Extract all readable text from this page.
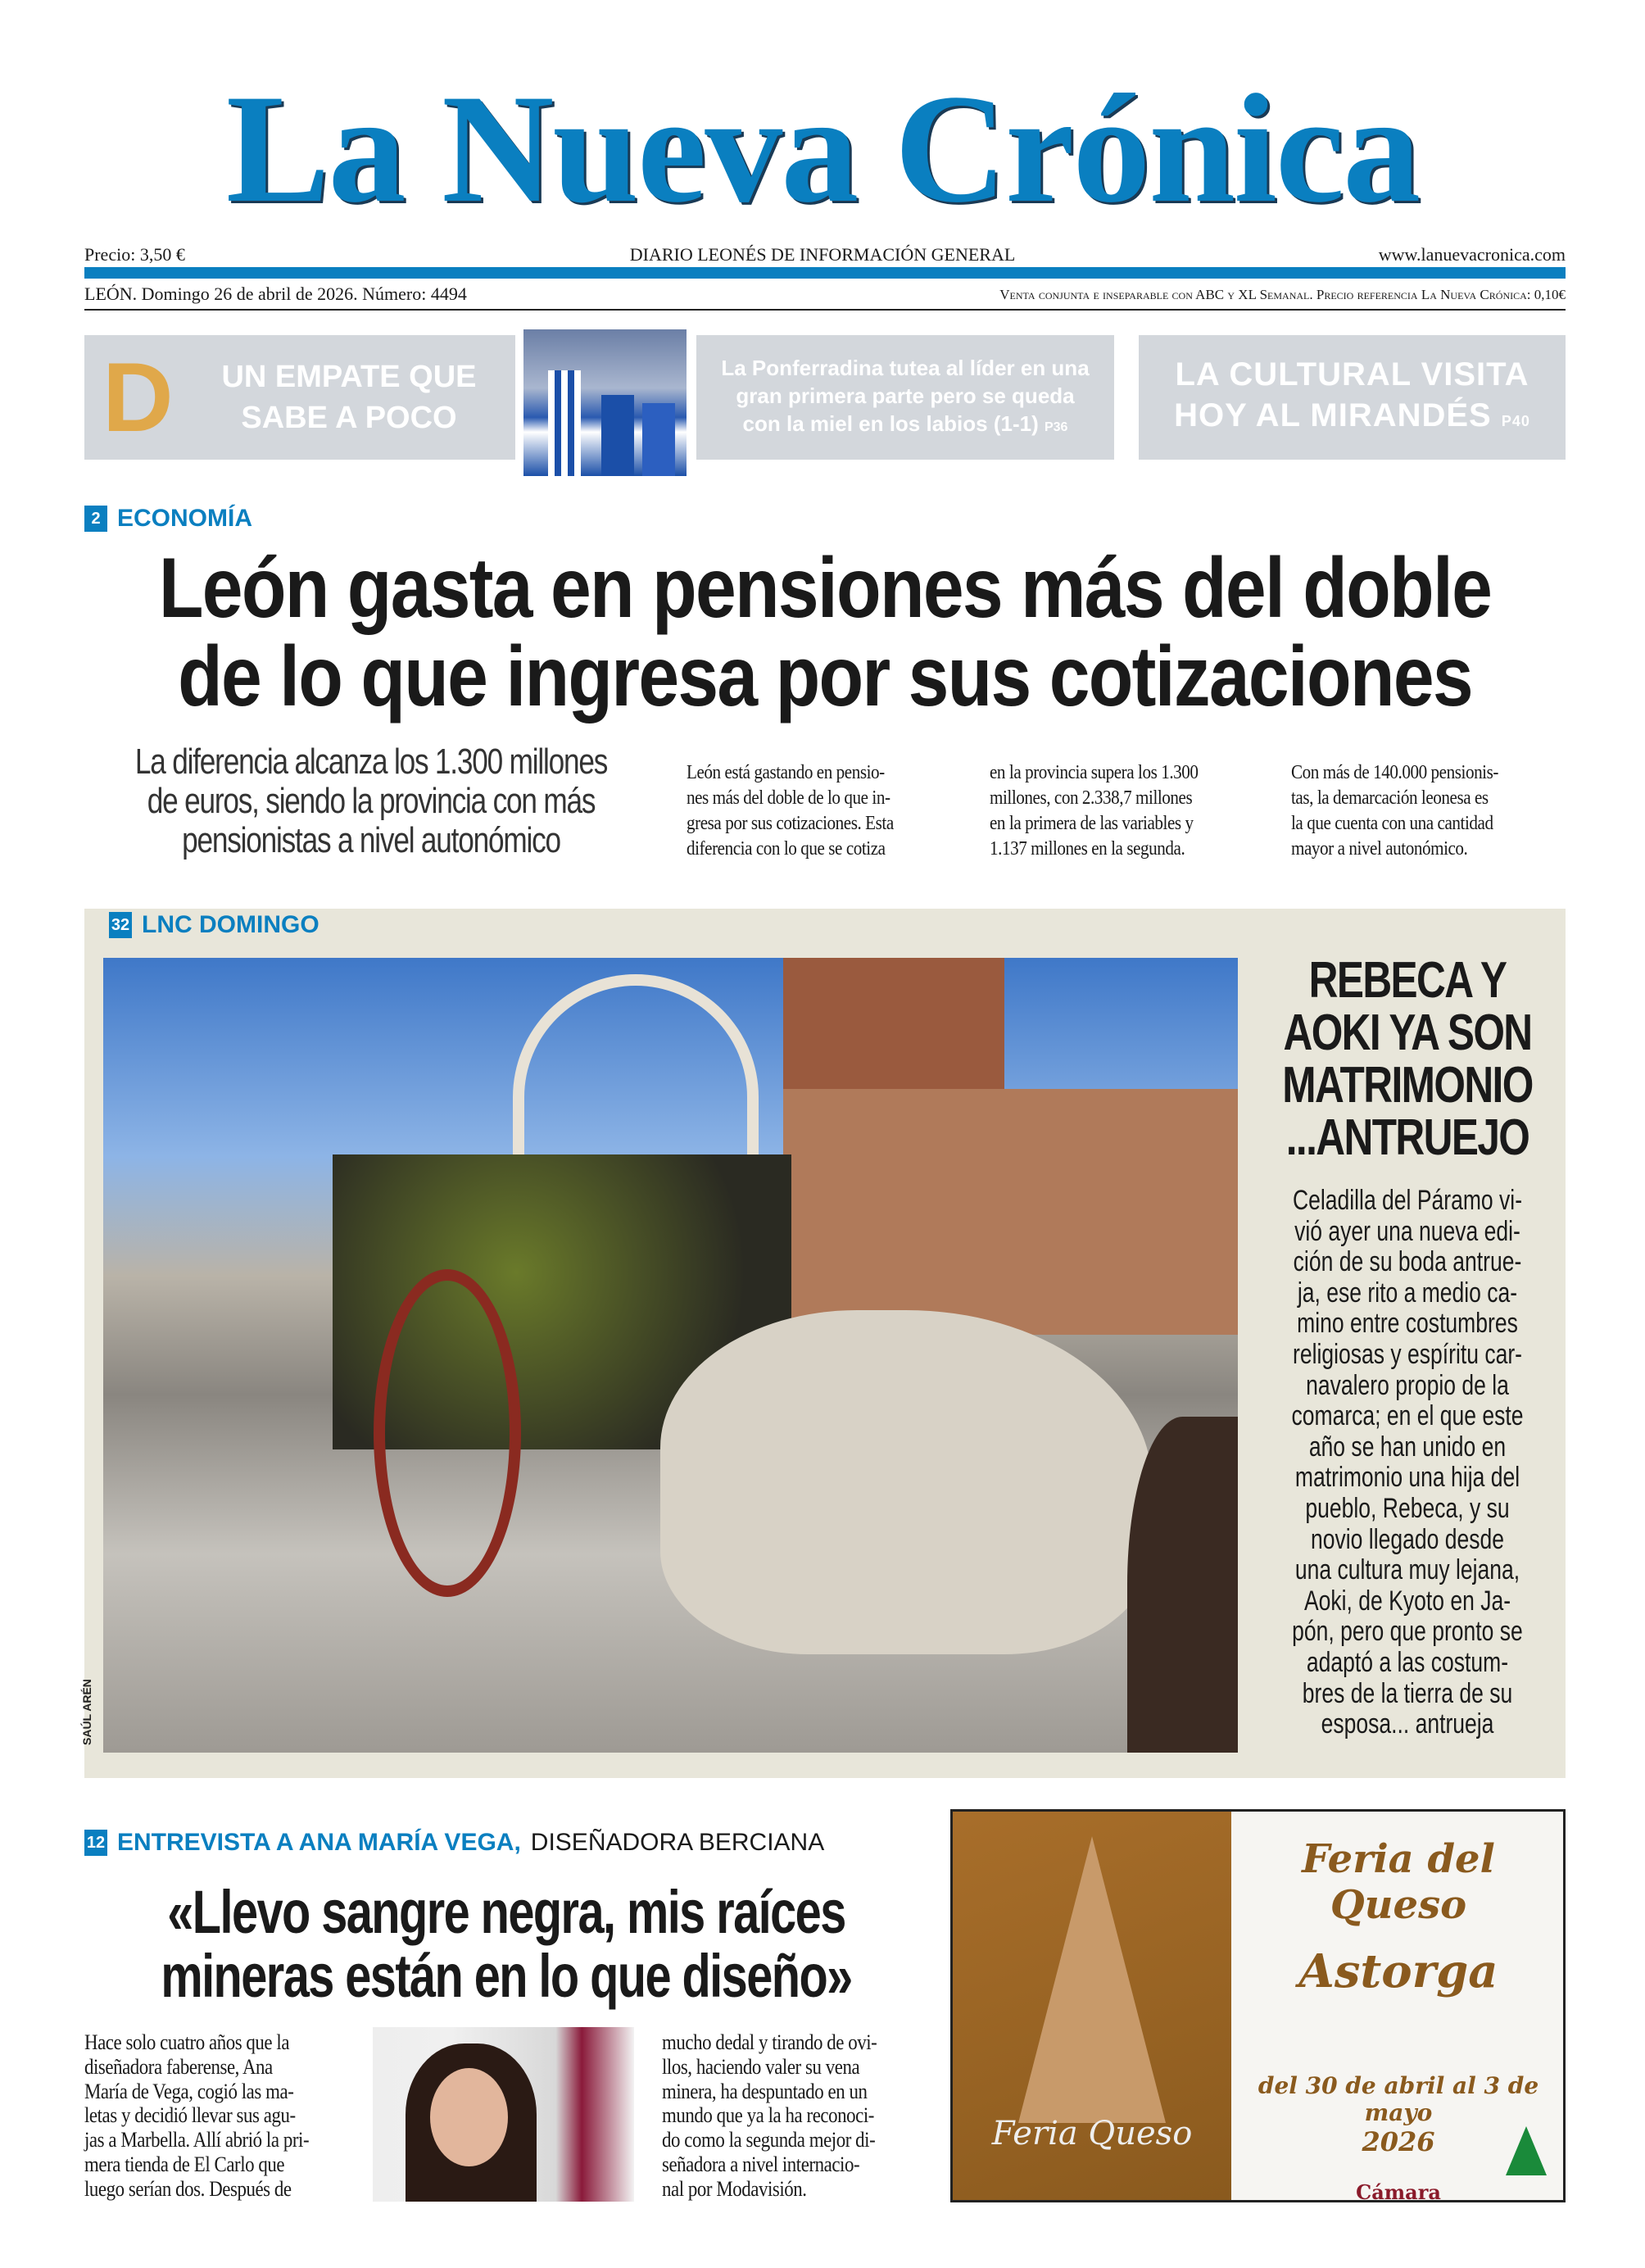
La Nueva Crónica
Precio: 3,50 €	DIARIO LEONÉS DE INFORMACIÓN GENERAL	www.lanuevacronica.com
LEÓN. Domingo 26 de abril de 2026. Número: 4494	Venta conjunta e inseparable con ABC y XL Semanal. Precio referencia La Nueva Crónica: 0,10€
D UN EMPATE QUE
SABE A POCO
La Ponferradina tutea al líder en una
gran primera parte pero se queda
con la miel en los labios (1-1) P36
LA CULTURAL VISITA
HOY AL MIRANDÉS P40
2 ECONOMÍA
León gasta en pensiones más del doble
de lo que ingresa por sus cotizaciones
La diferencia alcanza los 1.300 millones
de euros, siendo la provincia con más
pensionistas a nivel autonómico

León está gastando en pensio-

nes más del doble de lo que in-

gresa por sus cotizaciones. Esta

diferencia con lo que se cotiza

en la provincia supera los 1.300

millones, con 2.338,7 millones

en la primera de las variables y

1.137 millones en la segunda.

Con más de 140.000 pensionis-

tas, la demarcación leonesa es

la que cuenta con una cantidad

mayor a nivel autonómico.

32 LNC DOMINGO
SAÚL ARÉN
REBECA Y
AOKI YA SON
MATRIMONIO
...ANTRUEJO
Celadilla del Páramo vi-
vió ayer una nueva edi-
ción de su boda antrue-
ja, ese rito a medio ca-
mino entre costumbres
religiosas y espíritu car-
navalero propio de la
comarca; en el que este
año se han unido en
matrimonio una hija del
pueblo, Rebeca, y su
novio llegado desde
una cultura muy lejana,
Aoki, de Kyoto en Ja-
pón, pero que pronto se
adaptó a las costum-
bres de la tierra de su
esposa... antrueja
12 ENTREVISTA A ANA MARÍA VEGA, DISEÑADORA BERCIANA
«Llevo sangre negra, mis raíces
mineras están en lo que diseño»

Hace solo cuatro años que la

diseñadora faberense, Ana

María de Vega, cogió las ma-

letas y decidió llevar sus agu-

jas a Marbella. Allí abrió la pri-

mera tienda de El Carlo que

luego serían dos. Después de

mucho dedal y tirando de ovi-

llos, haciendo valer su vena

minera, ha despuntado en un

mundo que ya la ha reconoci-

do como la segunda mejor di-

señadora a nivel internacio-

nal por Modavisión.

Feria Queso
Feria del Queso
Astorga
del 30 de abril al 3 de mayo
2026
Cámara
